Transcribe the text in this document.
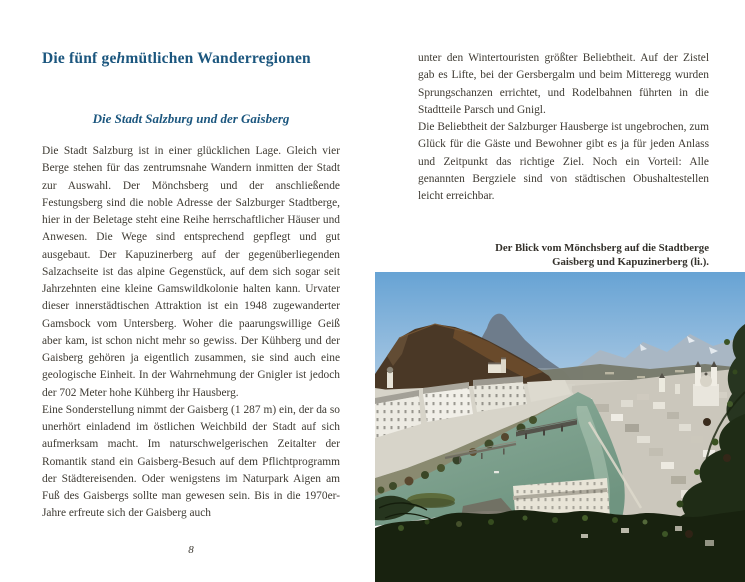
Die fünf gehmütlichen Wanderregionen
Die Stadt Salzburg und der Gaisberg

Die Stadt Salzburg ist in einer glücklichen Lage. Gleich vier Berge stehen für das zentrumsnahe Wandern inmitten der Stadt zur Auswahl. Der Mönchsberg und der anschließende Festungsberg sind die noble Adresse der Salzburger Stadtberge, hier in der Beletage steht eine Reihe herrschaftlicher Häuser und Anwesen. Die Wege sind entsprechend gepflegt und gut ausgebaut. Der Kapuzinerberg auf der gegenüberliegenden Salzachseite ist das alpine Gegenstück, auf dem sich sogar seit Jahrzehnten eine kleine Gamswildkolonie halten kann. Urvater dieser innerstädtischen Attraktion ist ein 1948 zugewanderter Gamsbock vom Untersberg. Woher die paarungswillige Geiß aber kam, ist schon nicht mehr so gewiss. Der Kühberg und der Gaisberg gehören ja eigentlich zusammen, sie sind auch eine geologische Einheit. In der Wahrnehmung der Gnigler ist jedoch der 702 Meter hohe Kühberg ihr Hausberg.

Eine Sonderstellung nimmt der Gaisberg (1 287 m) ein, der da so unerhört einladend im östlichen Weichbild der Stadt auf sich aufmerksam macht. Im naturschwelgerischen Zeitalter der Romantik stand ein Gaisberg-Besuch auf dem Pflichtprogramm der Städtereisenden. Oder wenigstens im Naturpark Aigen am Fuß des Gaisbergs sollte man gewesen sein. Bis in die 1970er-Jahre erfreute sich der Gaisberg auch

8

unter den Wintertouristen größter Beliebtheit. Auf der Zistel gab es Lifte, bei der Gersbergalm und beim Mitteregg wurden Sprungschanzen errichtet, und Rodelbahnen führten in die Stadtteile Parsch und Gnigl.

Die Beliebtheit der Salzburger Hausberge ist ungebrochen, zum Glück für die Gäste und Bewohner gibt es ja für jeden Anlass und Zeitpunkt das richtige Ziel. Noch ein Vorteil: Alle genannten Bergziele sind von städtischen Obushaltestellen leicht erreichbar.

Der Blick vom Mönchsberg auf die Stadtberge
Gaisberg und Kapuzinerberg (li.).
